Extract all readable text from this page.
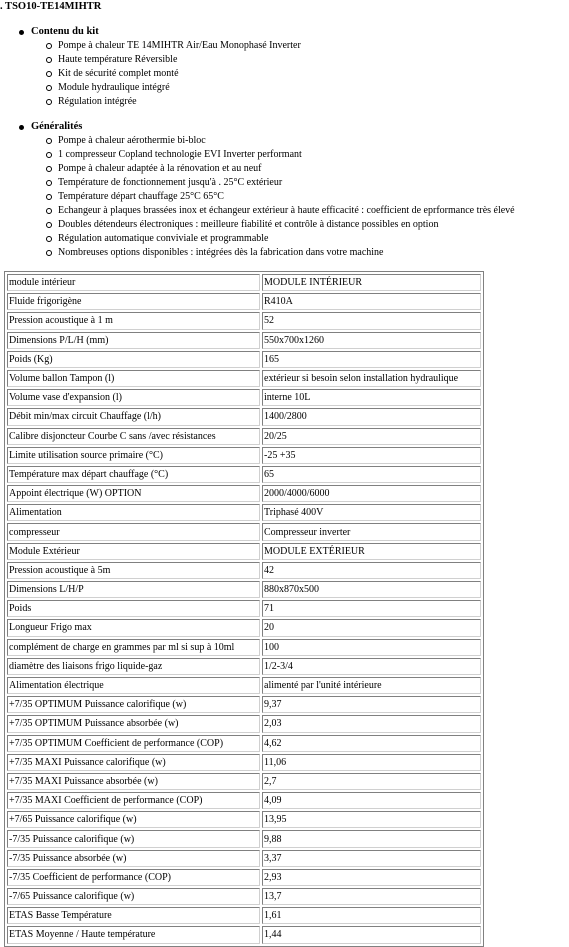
. TSO10-TE14MIHTR
Contenu du kit
Pompe à chaleur TE 14MIHTR Air/Eau Monophasé Inverter
Haute température Réversible
Kit de sécurité complet monté
Module hydraulique intégré
Régulation intégrée
Généralités
Pompe à chaleur aérothermie bi-bloc
1 compresseur Copland technologie EVI Inverter performant
Pompe à chaleur adaptée à la rénovation et au neuf
Température de fonctionnement jusqu'à . 25°C extérieur
Température départ chauffage 25°C 65°C
Echangeur à plaques brassées inox et échangeur extérieur à haute efficacité : coefficient de eprformance très élevé
Doubles détendeurs électroniques : meilleure fiabilité et contrôle à distance possibles en option
Régulation automatique conviviale et programmable
Nombreuses options disponibles : intégrées dès la fabrication dans votre machine
module intérieur	MODULE INTÉRIEUR
Fluide frigorigène	R410A
Pression acoustique à 1 m	52
Dimensions P/L/H (mm)	550x700x1260
Poids (Kg)	165
Volume ballon Tampon (l)	extérieur si besoin selon installation hydraulique
Volume vase d'expansion (l)	interne 10L
Débit min/max circuit Chauffage (l/h)	1400/2800
Calibre disjoncteur Courbe C sans /avec résistances	20/25
Limite utilisation source primaire (°C)	-25 +35
Température max départ chauffage (°C)	65
Appoint électrique (W) OPTION	2000/4000/6000
Alimentation	Triphasé 400V
compresseur	Compresseur inverter
Module Extérieur	MODULE EXTÉRIEUR
Pression acoustique à 5m	42
Dimensions L/H/P	880x870x500
Poids	71
Longueur Frigo max	20
complément de charge en grammes par ml si sup à 10ml	100
diamètre des liaisons frigo liquide-gaz	1/2-3/4
Alimentation électrique	alimenté par l'unité intérieure
+7/35 OPTIMUM Puissance calorifique (w)	9,37
+7/35 OPTIMUM Puissance absorbée (w)	2,03
+7/35 OPTIMUM Coefficient de performance (COP)	4,62
+7/35 MAXI Puissance calorifique (w)	11,06
+7/35 MAXI Puissance absorbée (w)	2,7
+7/35 MAXI Coefficient de performance (COP)	4,09
+7/65 Puissance calorifique (w)	13,95
-7/35 Puissance calorifique (w)	9,88
-7/35 Puissance absorbée (w)	3,37
-7/35 Coefficient de performance (COP)	2,93
-7/65 Puissance calorifique (w)	13,7
ETAS Basse Température	1,61
ETAS Moyenne / Haute température	1,44
